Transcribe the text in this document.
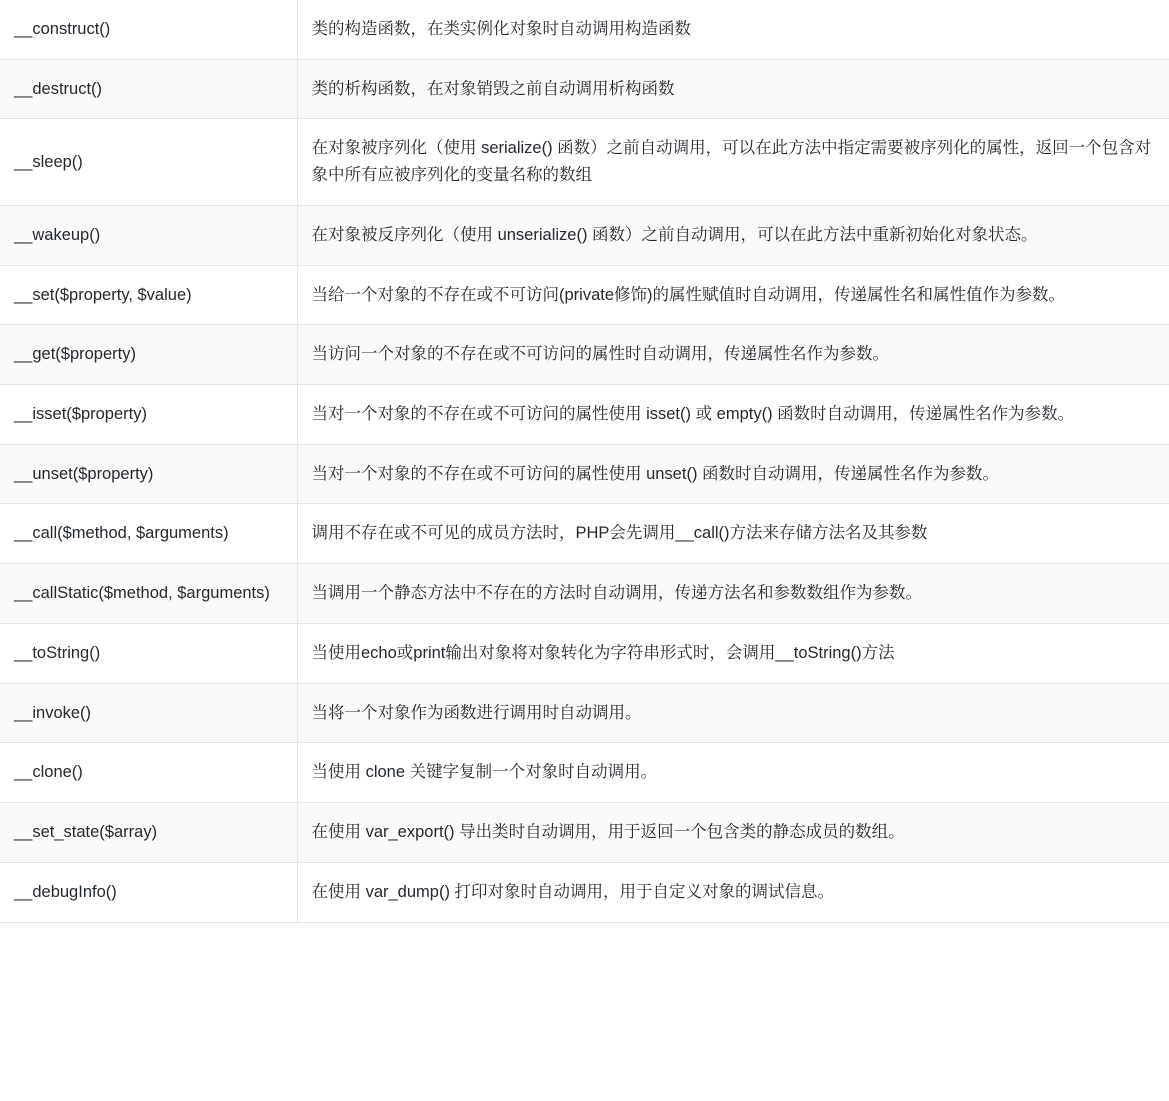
__construct()	类的构造函数，在类实例化对象时自动调用构造函数
__destruct()	类的析构函数，在对象销毁之前自动调用析构函数
__sleep()	在对象被序列化（使用 serialize() 函数）之前自动调用，可以在此方法中指定需要被序列化的属性，返回一个包含对象中所有应被序列化的变量名称的数组
__wakeup()	在对象被反序列化（使用 unserialize() 函数）之前自动调用，可以在此方法中重新初始化对象状态。
__set($property, $value)	当给一个对象的不存在或不可访问(private修饰)的属性赋值时自动调用，传递属性名和属性值作为参数。
__get($property)	当访问一个对象的不存在或不可访问的属性时自动调用，传递属性名作为参数。
__isset($property)	当对一个对象的不存在或不可访问的属性使用 isset() 或 empty() 函数时自动调用，传递属性名作为参数。
__unset($property)	当对一个对象的不存在或不可访问的属性使用 unset() 函数时自动调用，传递属性名作为参数。
__call($method, $arguments)	调用不存在或不可见的成员方法时，PHP会先调用__call()方法来存储方法名及其参数
__callStatic($method, $arguments)	当调用一个静态方法中不存在的方法时自动调用，传递方法名和参数数组作为参数。
__toString()	当使用echo或print输出对象将对象转化为字符串形式时，会调用__toString()方法
__invoke()	当将一个对象作为函数进行调用时自动调用。
__clone()	当使用 clone 关键字复制一个对象时自动调用。
__set_state($array)	在使用 var_export() 导出类时自动调用，用于返回一个包含类的静态成员的数组。
__debugInfo()	在使用 var_dump() 打印对象时自动调用，用于自定义对象的调试信息。
